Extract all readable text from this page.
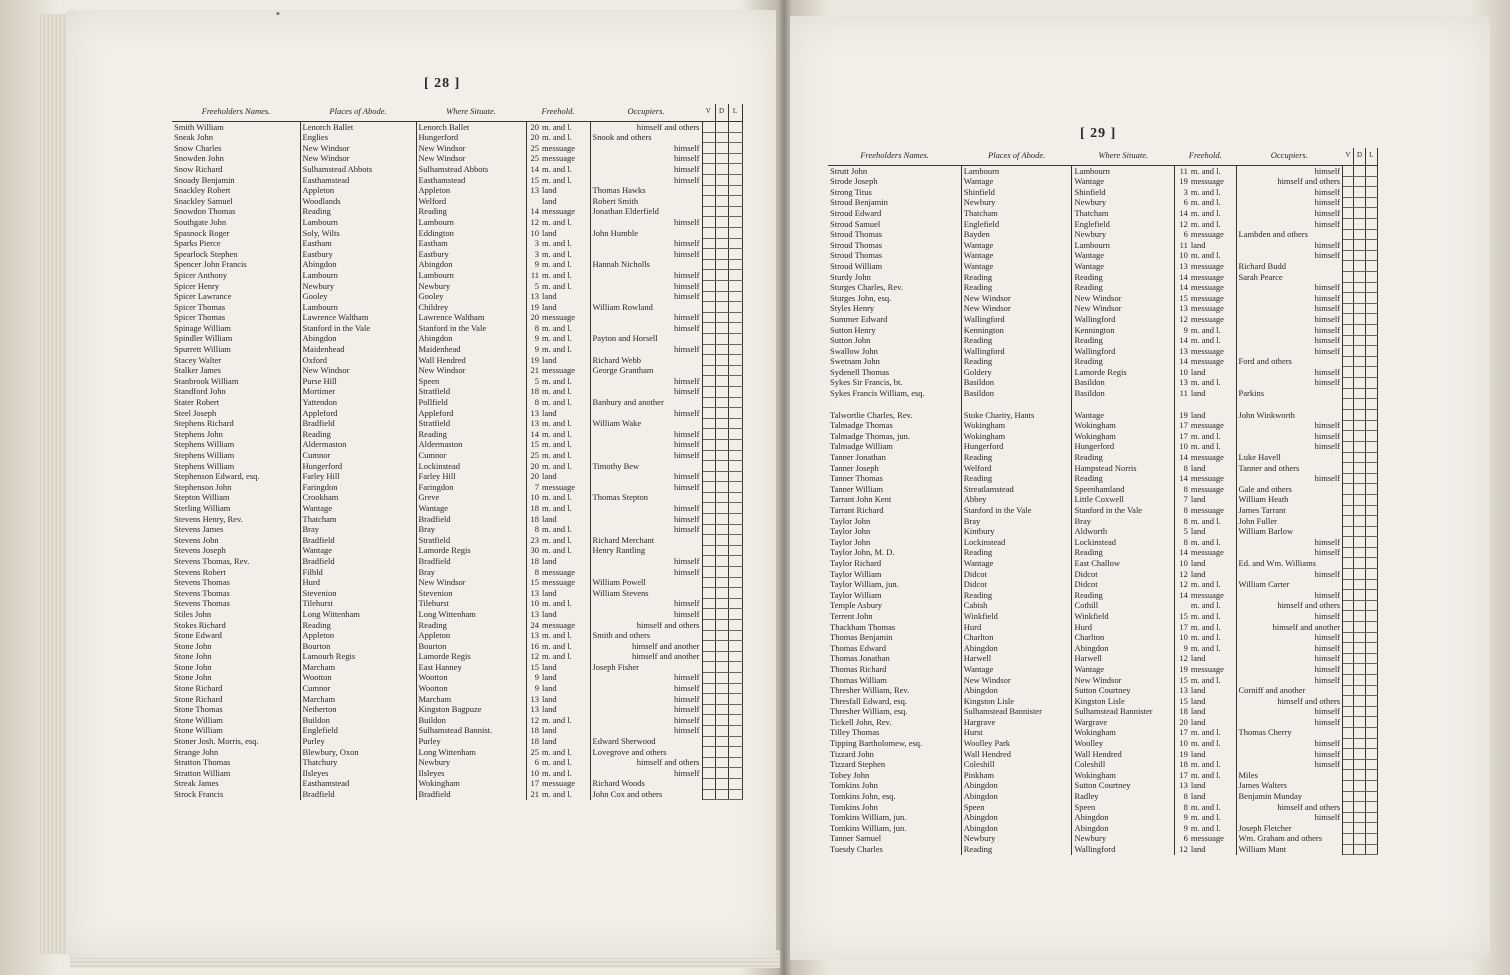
[ 28 ]
Freeholders Names.	Places of Abode.	Where Situate.	Freehold.		Occupiers.	V	D	L
Smith William	Lenorch Ballet	Lenorch Ballet	20	m. and l.	himself and others			
Sneak John	Englies	Hungerford	20	m. and l.	Snook and others			
Snow Charles	New Windsor	New Windsor	25	messuage	himself			
Snowden John	New Windsor	New Windsor	25	messuage	himself			
Snow Richard	Sulhamstead Abbots	Sulhamstead Abbots	14	m. and l.	himself			
Snoady Benjamin	Easthamstead	Easthamstead	15	m. and l.	himself			
Snackley Robert	Appleton	Appleton	13	land	Thomas Hawks			
Snackley Samuel	Woodlands	Welford		land	Robert Smith			
Snowdon Thomas	Reading	Reading	14	messuage	Jonathan Elderfield			
Southgate John	Lambourn	Lambourn	12	m. and l.	himself			
Spasnock Roger	Soly, Wilts	Eddington	10	land	John Humble			
Sparks Pierce	Eastham	Eastham	3	m. and l.	himself			
Spearlock Stephen	Eastbury	Eastbury	3	m. and l.	himself			
Spencer John Francis	Abingdon	Abingdon	9	m. and l.	Hannah Nicholls			
Spicer Anthony	Lambourn	Lambourn	11	m. and l.	himself			
Spicer Henry	Newbury	Newbury	5	m. and l.	himself			
Spicer Lawrance	Gooley	Gooley	13	land	himself			
Spicer Thomas	Lambourn	Childrey	19	land	William Rowland			
Spicer Thomas	Lawrence Waltham	Lawrence Waltham	20	messuage	himself			
Spinage William	Stanford in the Vale	Stanford in the Vale	8	m. and l.	himself			
Spindler William	Abingdon	Abingdon	9	m. and l.	Payton and Horsell			
Spurrett William	Maidenhead	Maidenhead	9	m. and l.	himself			
Stacey Walter	Oxford	Wall Hendred	19	land	Richard Webb			
Stalker James	New Windsor	New Windsor	21	messuage	George Grantham			
Stanbrook William	Purse Hill	Speen	5	m. and l.	himself			
Standford John	Mortimer	Stratfield	18	m. and l.	himself			
Stater Robert	Yattendon	Pollfield	8	m. and l.	Banbury and another			
Steel Joseph	Appleford	Appleford	13	land	himself			
Stephens Richard	Bradfield	Stratfield	13	m. and l.	William Wake			
Stephens John	Reading	Reading	14	m. and l.	himself			
Stephens William	Aldermaston	Aldermaston	15	m. and l.	himself			
Stephens William	Cumnor	Cumnor	25	m. and l.	himself			
Stephens William	Hungerford	Lockinstead	20	m. and l.	Timothy Bew			
Stephenson Edward, esq.	Farley Hill	Farley Hill	20	land	himself			
Stephenson John	Faringdon	Faringdon	7	messuage	himself			
Stepton William	Crookham	Greve	10	m. and l.	Thomas Stepton			
Sterling William	Wantage	Wantage	18	m. and l.	himself			
Stevens Henry, Rev.	Thatcham	Bradfield	18	land	himself			
Stevens James	Bray	Bray	8	m. and l.	himself			
Stevens John	Bradfield	Stratfield	23	m. and l.	Richard Merchant			
Stevens Joseph	Wantage	Lamorde Regis	30	m. and l.	Henry Rantling			
Stevens Thomas, Rev.	Bradfield	Bradfield	18	land	himself			
Stevens Robert	Filbld	Bray	8	messuage	himself			
Stevens Thomas	Hurd	New Windsor	15	messuage	William Powell			
Stevens Thomas	Stevenion	Stevenion	13	land	William Stevens			
Stevens Thomas	Tilehurst	Tilehurst	10	m. and l.	himself			
Stiles John	Long Wittenham	Long Wittenham	13	land	himself			
Stokes Richard	Reading	Reading	24	messuage	himself and others			
Stone Edward	Appleton	Appleton	13	m. and l.	Smith and others			
Stone John	Bourton	Bourton	16	m. and l.	himself and another			
Stone John	Lamourb Regis	Lamorde Regis	12	m. and l.	himself and another			
Stone John	Marcham	East Hanney	15	land	Joseph Fisher			
Stone John	Wootton	Wootton	9	land	himself			
Stone Richard	Cumnor	Wootton	9	land	himself			
Stone Richard	Marcham	Marcham	13	land	himself			
Stone Thomas	Netherton	Kingston Bagpuze	13	land	himself			
Stone William	Buildon	Buildon	12	m. and l.	himself			
Stone William	Englefield	Sulhamstead Bannist.	18	land	himself			
Stoner Josh. Morris, esq.	Purley	Purley	18	land	Edward Sherwood			
Strange John	Blewbury, Oxon	Long Wittenham	25	m. and l.	Lovegrove and others			
Stratton Thomas	Thatchury	Newbury	6	m. and l.	himself and others			
Stratton William	Ilsleyes	Ilsleyes	10	m. and l.	himself			
Streak James	Easthamstead	Wokingham	17	messuage	Richard Woods			
Strock Francis	Bradfield	Bradfield	21	m. and l.	John Cox and others			
▪
[ 29 ]
Freeholders Names.	Places of Abode.	Where Situate.	Freehold.		Occupiers.	V	D	L
Strutt John	Lambourn	Lambourn	11	m. and l.	himself			
Strode Joseph	Wantage	Wantage	19	messuage	himself and others			
Strong Titus	Shinfield	Shinfield	3	m. and l.	himself			
Stroud Benjamin	Newbury	Newbury	6	m. and l.	himself			
Stroud Edward	Thatcham	Thatcham	14	m. and l.	himself			
Stroud Samuel	Englefield	Englefield	12	m. and l.	himself			
Stroud Thomas	Bayden	Newbury	6	messuage	Lambden and others			
Stroud Thomas	Wantage	Lambourn	11	land	himself			
Stroud Thomas	Wantage	Wantage	10	m. and l.	himself			
Stroud William	Wantage	Wantage	13	messuage	Richard Budd			
Sturdy John	Reading	Reading	14	messuage	Sarah Pearce			
Sturges Charles, Rev.	Reading	Reading	14	messuage	himself			
Sturges John, esq.	New Windsor	New Windsor	15	messuage	himself			
Styles Henry	New Windsor	New Windsor	13	messuage	himself			
Summer Edward	Wallingford	Wallingford	12	messuage	himself			
Sutton Henry	Kennington	Kennington	9	m. and l.	himself			
Sutton John	Reading	Reading	14	m. and l.	himself			
Swallow John	Wallingford	Wallingford	13	messuage	himself			
Swetnam John	Reading	Reading	14	messuage	Ford and others			
Sydenell Thomas	Goldery	Lamorde Regis	10	land	himself			
Sykes Sir Francis, bt.	Basildon	Basildon	13	m. and l.	himself			
Sykes Francis William, esq.	Basildon	Basildon	11	land	Parkins			

Talwortlie Charles, Rev.	Stoke Charity, Hants	Wantage	19	land	John Winkworth			
Talmadge Thomas	Wokingham	Wokingham	17	messuage	himself			
Talmadge Thomas, jun.	Wokingham	Wokingham	17	m. and l.	himself			
Talmadge William	Hungerford	Hungerford	10	m. and l.	himself			
Tanner Jonathan	Reading	Reading	14	messuage	Luke Havell			
Tanner Joseph	Welford	Hampstead Norris	8	land	Tanner and others			
Tanner Thomas	Reading	Reading	14	messuage	himself			
Tanner William	Streatlamstead	Speenhamland	8	messuage	Gale and others			
Tarrant John Kent	Abbey	Little Coxwell	7	land	William Heath			
Tarrant Richard	Stanford in the Vale	Stanford in the Vale	8	messuage	James Tarrant			
Taylor John	Bray	Bray	8	m. and l.	John Fuller			
Taylor John	Kintbury	Aldworth	5	land	William Barlow			
Taylor John	Lockinstead	Lockinstead	8	m. and l.	himself			
Taylor John, M. D.	Reading	Reading	14	messuage	himself			
Taylor Richard	Wantage	East Challow	10	land	Ed. and Wm. Williams			
Taylor William	Didcot	Didcot	12	land	himself			
Taylor William, jun.	Didcot	Didcot	12	m. and l.	William Carter			
Taylor William	Reading	Reading	14	messuage	himself			
Temple Asbury	Cabish	Cothill		m. and l.	himself and others			
Terrent John	Winkfield	Winkfield	15	m. and l.	himself			
Thackham Thomas	Hurd	Hurd	17	m. and l.	himself and another			
Thomas Benjamin	Charlton	Charlton	10	m. and l.	himself			
Thomas Edward	Abingdon	Abingdon	9	m. and l.	himself			
Thomas Jonathan	Harwell	Harwell	12	land	himself			
Thomas Richard	Wantage	Wantage	19	messuage	himself			
Thomas William	New Windsor	New Windsor	15	m. and l.	himself			
Thresher William, Rev.	Abingdon	Sutton Courtney	13	land	Corniff and another			
Thresfall Edward, esq.	Kingston Lisle	Kingston Lisle	15	land	himself and others			
Thresher William, esq.	Sulhamstead Bannister	Sulhamstead Bannister	18	land	himself			
Tickell John, Rev.	Hargrave	Wargrave	20	land	himself			
Tilley Thomas	Hurst	Wokingham	17	m. and l.	Thomas Cherry			
Tipping Bartholomew, esq.	Woolley Park	Woolley	10	m. and l.	himself			
Tizzard John	Wall Hendred	Wall Hendred	19	land	himself			
Tizzard Stephen	Coleshill	Coleshill	18	m. and l.	himself			
Tobey John	Pinkham	Wokingham	17	m. and l.	Miles			
Tomkins John	Abingdon	Sutton Courtney	13	land	James Walters			
Tomkins John, esq.	Abingdon	Radley	8	land	Benjamin Munday			
Tomkins John	Speen	Speen	8	m. and l.	himself and others			
Tomkins William, jun.	Abingdon	Abingdon	9	m. and l.	himself			
Tomkins William, jun.	Abingdon	Abingdon	9	m. and l.	Joseph Fletcher			
Tanner Samuel	Newbury	Newbury	6	messuage	Wm. Graham and others			
Tuesdy Charles	Reading	Wallingford	12	land	William Mant			
